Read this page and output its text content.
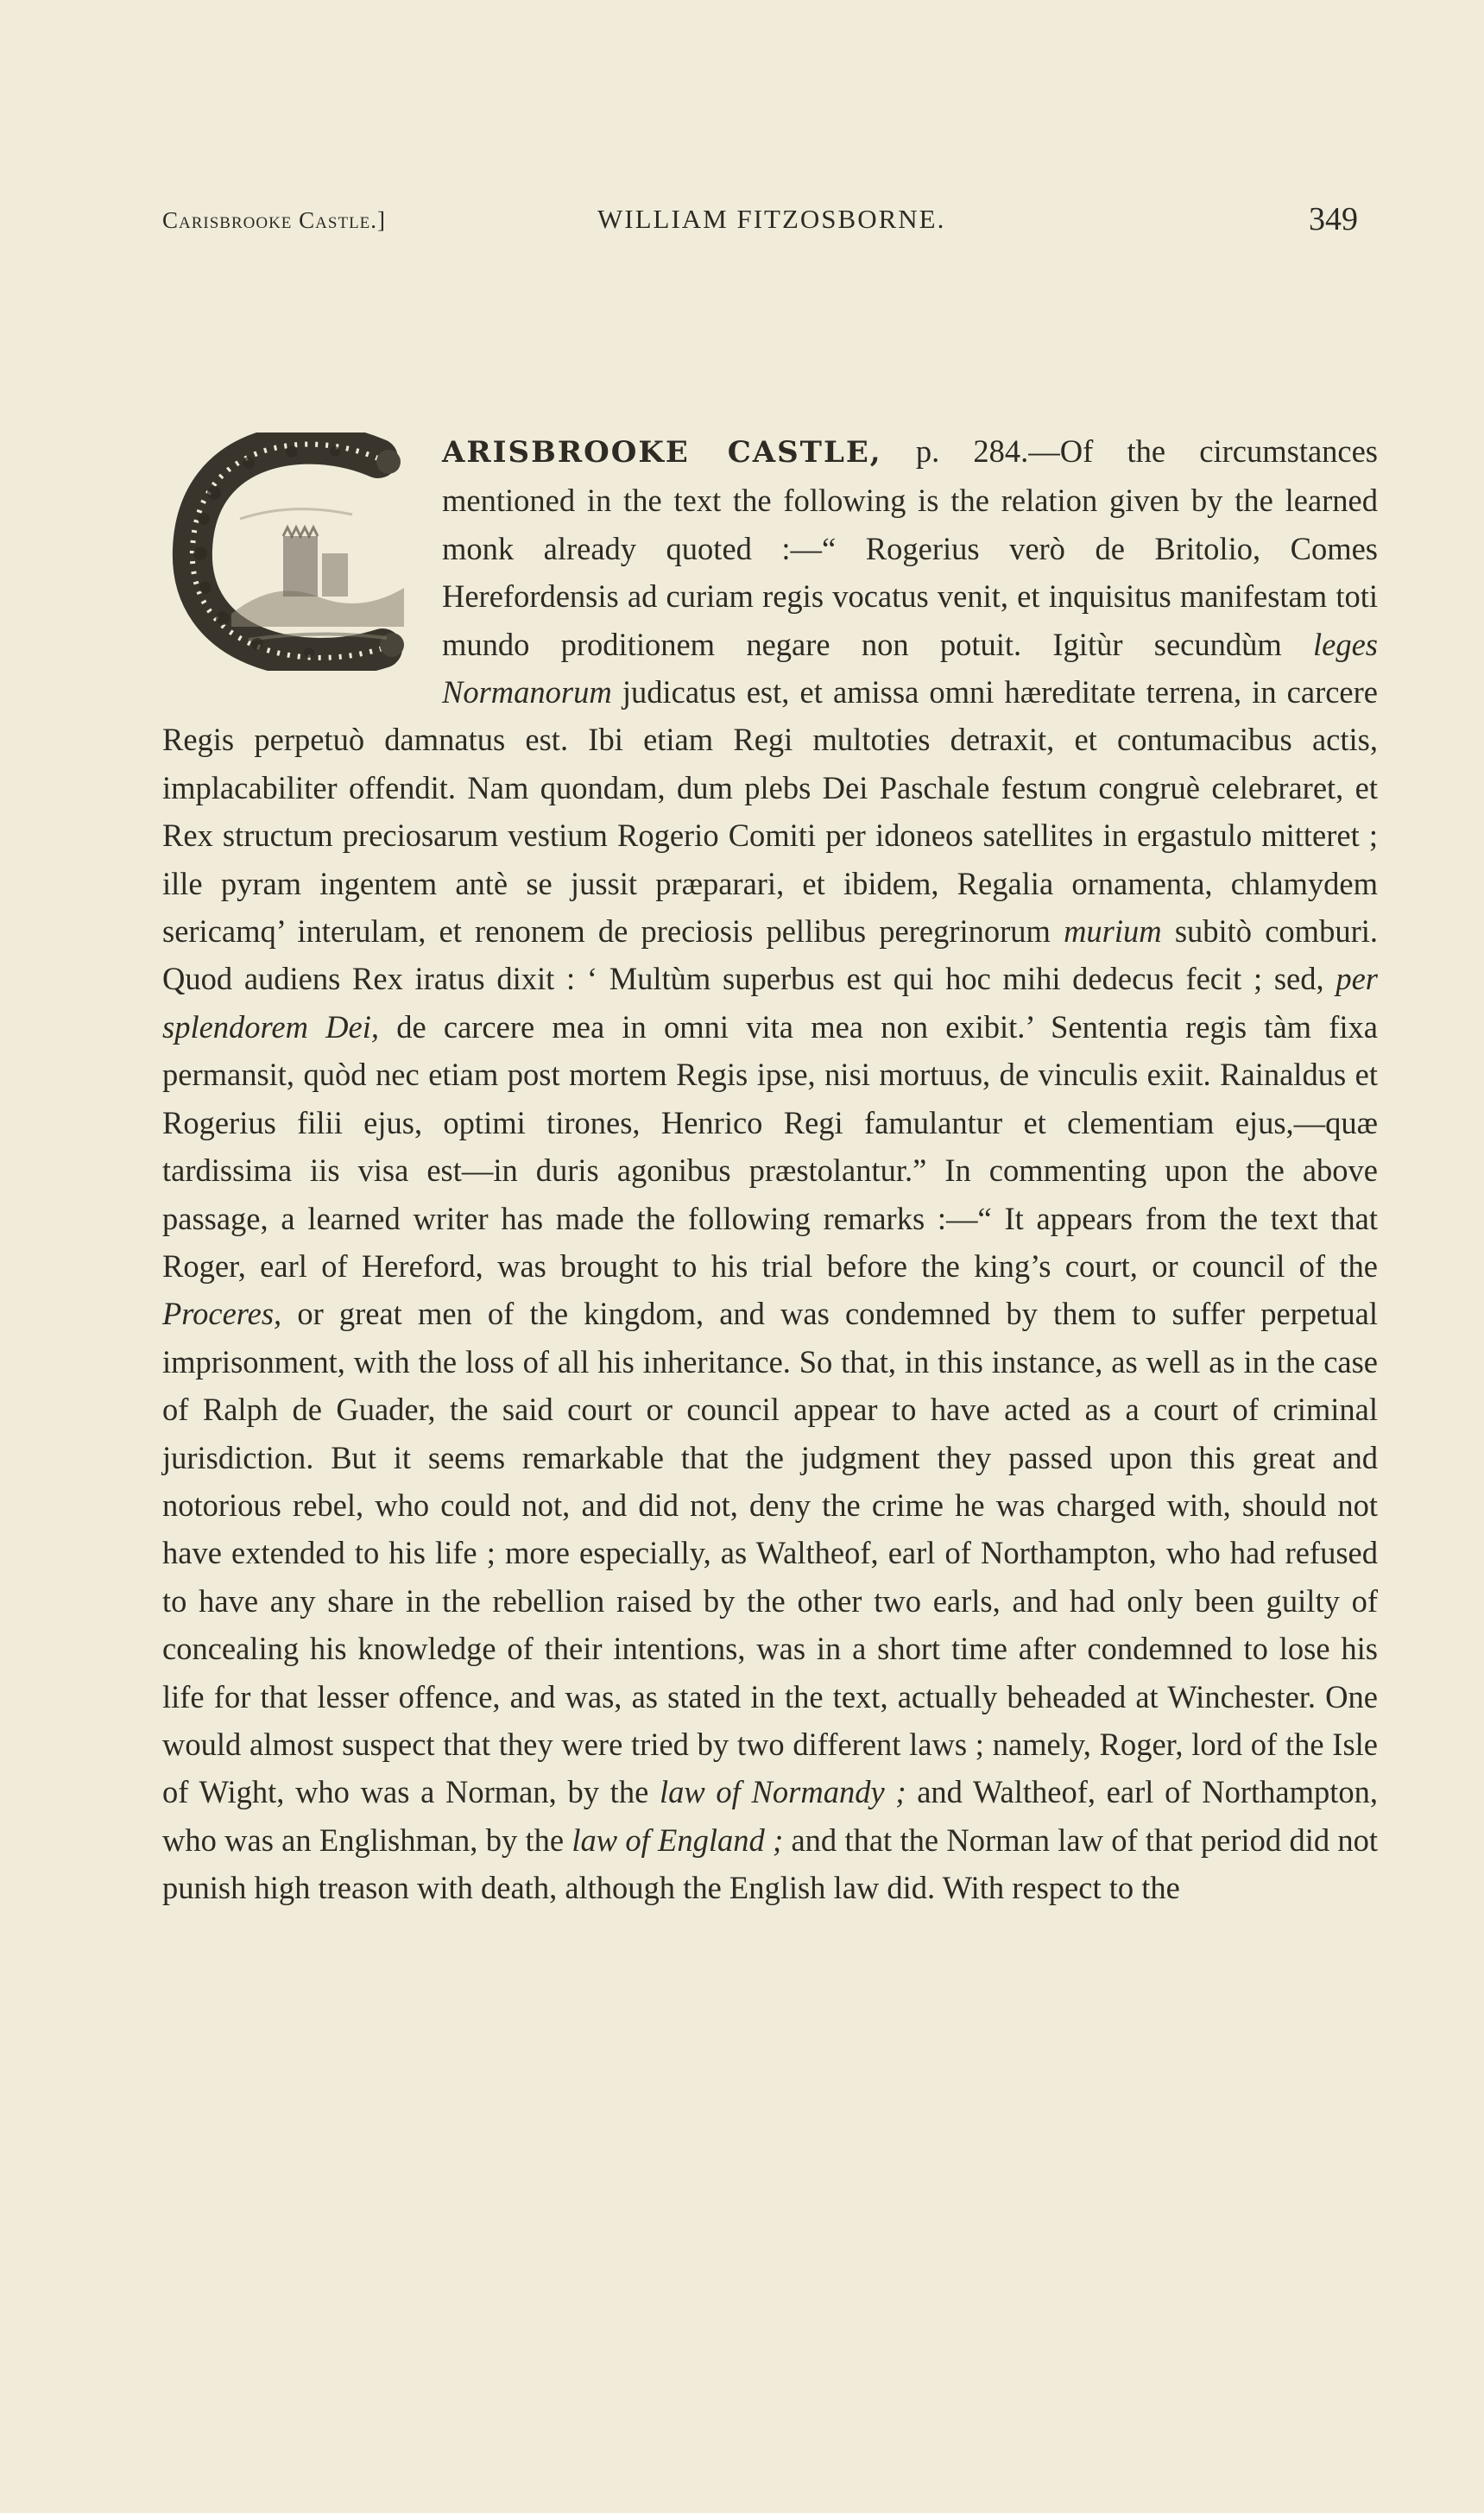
Carisbrooke Castle.]	WILLIAM FITZOSBORNE.	349

ARISBROOKE CASTLE, p. 284.—Of the circumstances mentioned in the text the following is the relation given by the learned monk already quoted :—“ Rogerius verò de Britolio, Comes Herefordensis ad curiam regis vocatus venit, et inquisitus manifestam toti mundo proditionem negare non potuit. Igitùr secundùm leges Normanorum judicatus est, et amissa omni hæreditate terrena, in carcere Regis perpetuò damnatus est. Ibi etiam Regi multoties detraxit, et contumacibus actis, implacabiliter offendit. Nam quondam, dum plebs Dei Paschale festum congruè celebraret, et Rex structum preciosarum vestium Rogerio Comiti per idoneos satellites in ergastulo mitteret ; ille pyram ingentem antè se jussit præparari, et ibidem, Regalia ornamenta, chlamydem sericamq’ interulam, et renonem de preciosis pellibus peregrinorum murium subitò comburi. Quod audiens Rex iratus dixit : ‘ Multùm superbus est qui hoc mihi dedecus fecit ; sed, per splendorem Dei, de carcere mea in omni vita mea non exibit.’ Sententia regis tàm fixa permansit, quòd nec etiam post mortem Regis ipse, nisi mortuus, de vinculis exiit. Rainaldus et Rogerius filii ejus, optimi tirones, Henrico Regi famulantur et clementiam ejus,—quæ tardissima iis visa est—in duris agonibus præstolantur.” In commenting upon the above passage, a learned writer has made the following remarks :—“ It appears from the text that Roger, earl of Hereford, was brought to his trial before the king’s court, or council of the Proceres, or great men of the kingdom, and was condemned by them to suffer perpetual imprisonment, with the loss of all his inheritance. So that, in this instance, as well as in the case of Ralph de Guader, the said court or council appear to have acted as a court of criminal jurisdiction. But it seems remarkable that the judgment they passed upon this great and notorious rebel, who could not, and did not, deny the crime he was charged with, should not have extended to his life ; more especially, as Waltheof, earl of Northampton, who had refused to have any share in the rebellion raised by the other two earls, and had only been guilty of concealing his knowledge of their intentions, was in a short time after condemned to lose his life for that lesser offence, and was, as stated in the text, actually beheaded at Winchester. One would almost suspect that they were tried by two different laws ; namely, Roger, lord of the Isle of Wight, who was a Norman, by the law of Normandy ; and Waltheof, earl of Northampton, who was an Englishman, by the law of England ; and that the Norman law of that period did not punish high treason with death, although the English law did. With respect to the
